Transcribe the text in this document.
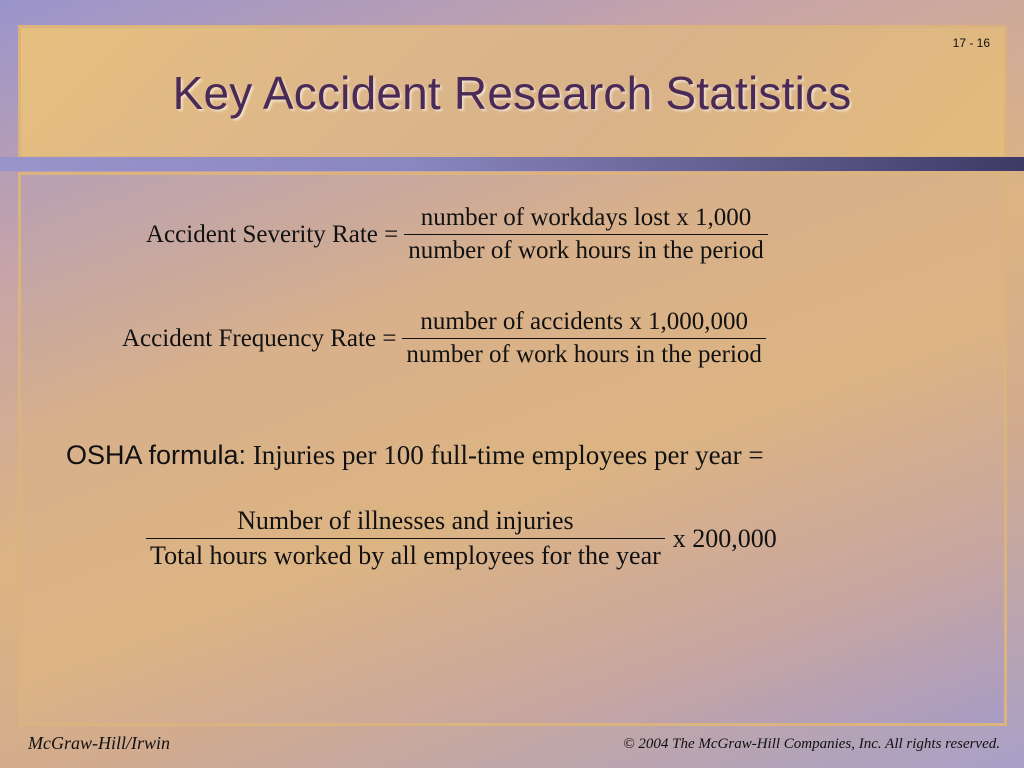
17 - 16
Key Accident Research Statistics
Accident Severity Rate = $\frac{\text{number of workdays lost x 1,000}}{\text{number of work hours in the period}}$
Accident Frequency Rate = $\frac{\text{number of accidents x 1,000,000}}{\text{number of work hours in the period}}$
OSHA formula: Injuries per 100 full-time employees per year =
$\frac{\text{Number of illnesses and injuries}}{\text{Total hours worked by all employees for the year}}$ x 200,000
McGraw-Hill/Irwin	© 2004 The McGraw-Hill Companies, Inc. All rights reserved.
